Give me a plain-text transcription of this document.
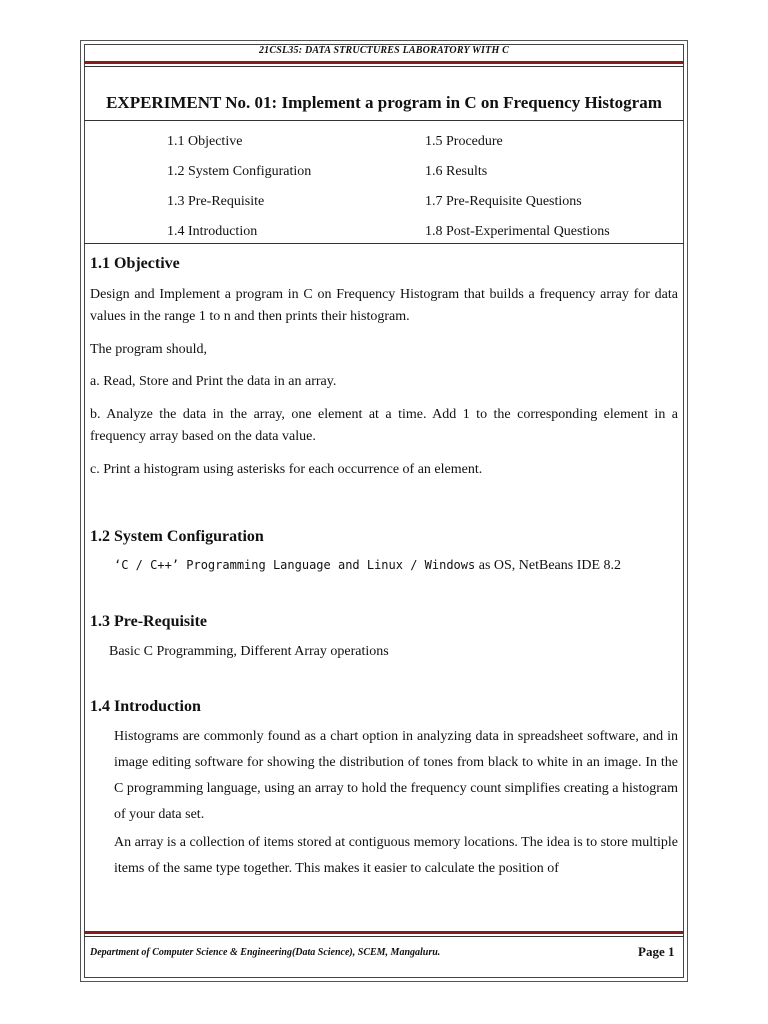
21CSL35: DATA STRUCTURES LABORATORY WITH C
EXPERIMENT No. 01: Implement a program in C on Frequency Histogram
1.1 Objective	1.5 Procedure
1.2 System Configuration	1.6 Results
1.3 Pre-Requisite	1.7 Pre-Requisite Questions
1.4 Introduction	1.8 Post-Experimental Questions
1.1 Objective
Design and Implement a program in C on Frequency Histogram that builds a frequency array for data values in the range 1 to n and then prints their histogram.
The program should,
a. Read, Store and Print the data in an array.
b. Analyze the data in the array, one element at a time. Add 1 to the corresponding element in a frequency array based on the data value.
c. Print a histogram using asterisks for each occurrence of an element.
1.2 System Configuration
‘C / C++’ Programming Language and Linux / Windows as OS, NetBeans IDE 8.2
1.3 Pre-Requisite
Basic C Programming, Different Array operations
1.4 Introduction
Histograms are commonly found as a chart option in analyzing data in spreadsheet software, and in image editing software for showing the distribution of tones from black to white in an image. In the C programming language, using an array to hold the frequency count simplifies creating a histogram of your data set.
An array is a collection of items stored at contiguous memory locations. The idea is to store multiple items of the same type together. This makes it easier to calculate the position of
Department of Computer Science & Engineering(Data Science), SCEM, Mangaluru.	Page 1
